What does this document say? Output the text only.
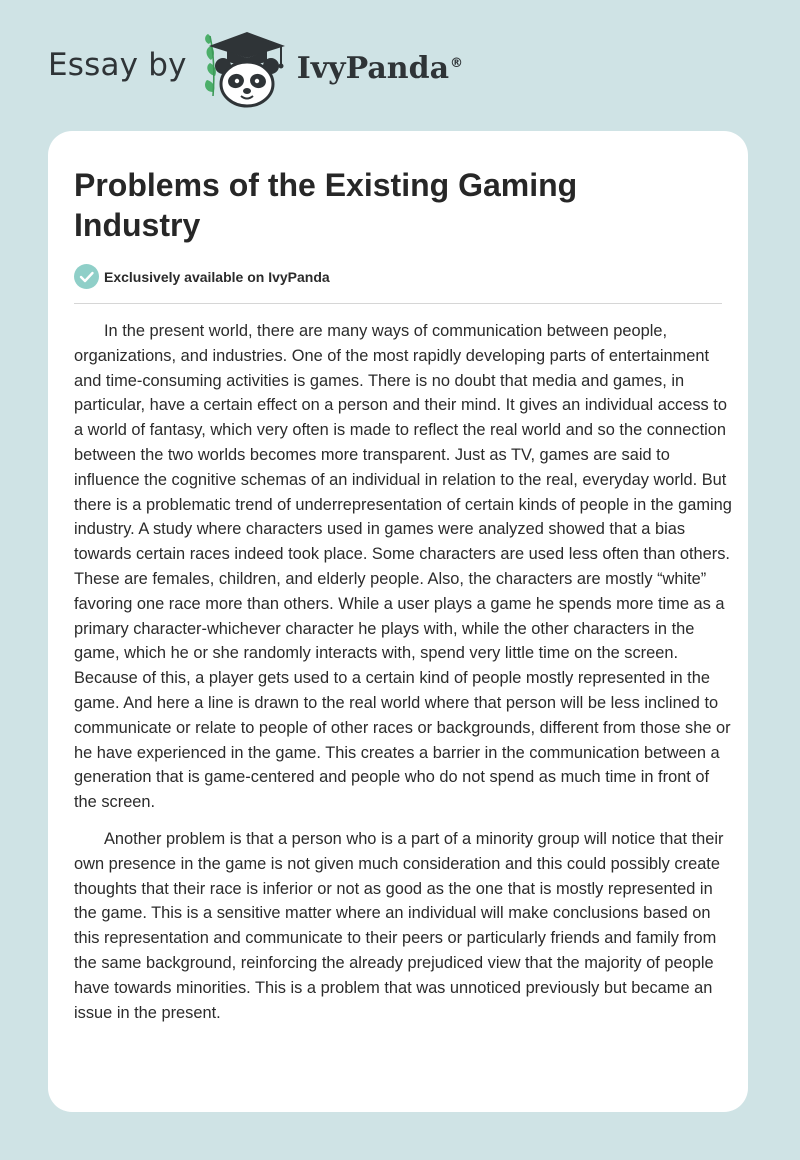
Essay by	IvyPanda®
Problems of the Existing Gaming Industry
Exclusively available on IvyPanda

In the present world, there are many ways of communication between people, organizations, and industries. One of the most rapidly developing parts of entertainment and time-consuming activities is games. There is no doubt that media and games, in particular, have a certain effect on a person and their mind. It gives an individual access to a world of fantasy, which very often is made to reflect the real world and so the connection between the two worlds becomes more transparent. Just as TV, games are said to influence the cognitive schemas of an individual in relation to the real, everyday world. But there is a problematic trend of underrepresentation of certain kinds of people in the gaming industry. A study where characters used in games were analyzed showed that a bias towards certain races indeed took place. Some characters are used less often than others. These are females, children, and elderly people. Also, the characters are mostly “white” favoring one race more than others. While a user plays a game he spends more time as a primary character-whichever character he plays with, while the other characters in the game, which he or she randomly interacts with, spend very little time on the screen. Because of this, a player gets used to a certain kind of people mostly represented in the game. And here a line is drawn to the real world where that person will be less inclined to communicate or relate to people of other races or backgrounds, different from those she or he have experienced in the game. This creates a barrier in the communication between a generation that is game-centered and people who do not spend as much time in front of the screen.

Another problem is that a person who is a part of a minority group will notice that their own presence in the game is not given much consideration and this could possibly create thoughts that their race is inferior or not as good as the one that is mostly represented in the game. This is a sensitive matter where an individual will make conclusions based on this representation and communicate to their peers or particularly friends and family from the same background, reinforcing the already prejudiced view that the majority of people have towards minorities. This is a problem that was unnoticed previously but became an issue in the present.
